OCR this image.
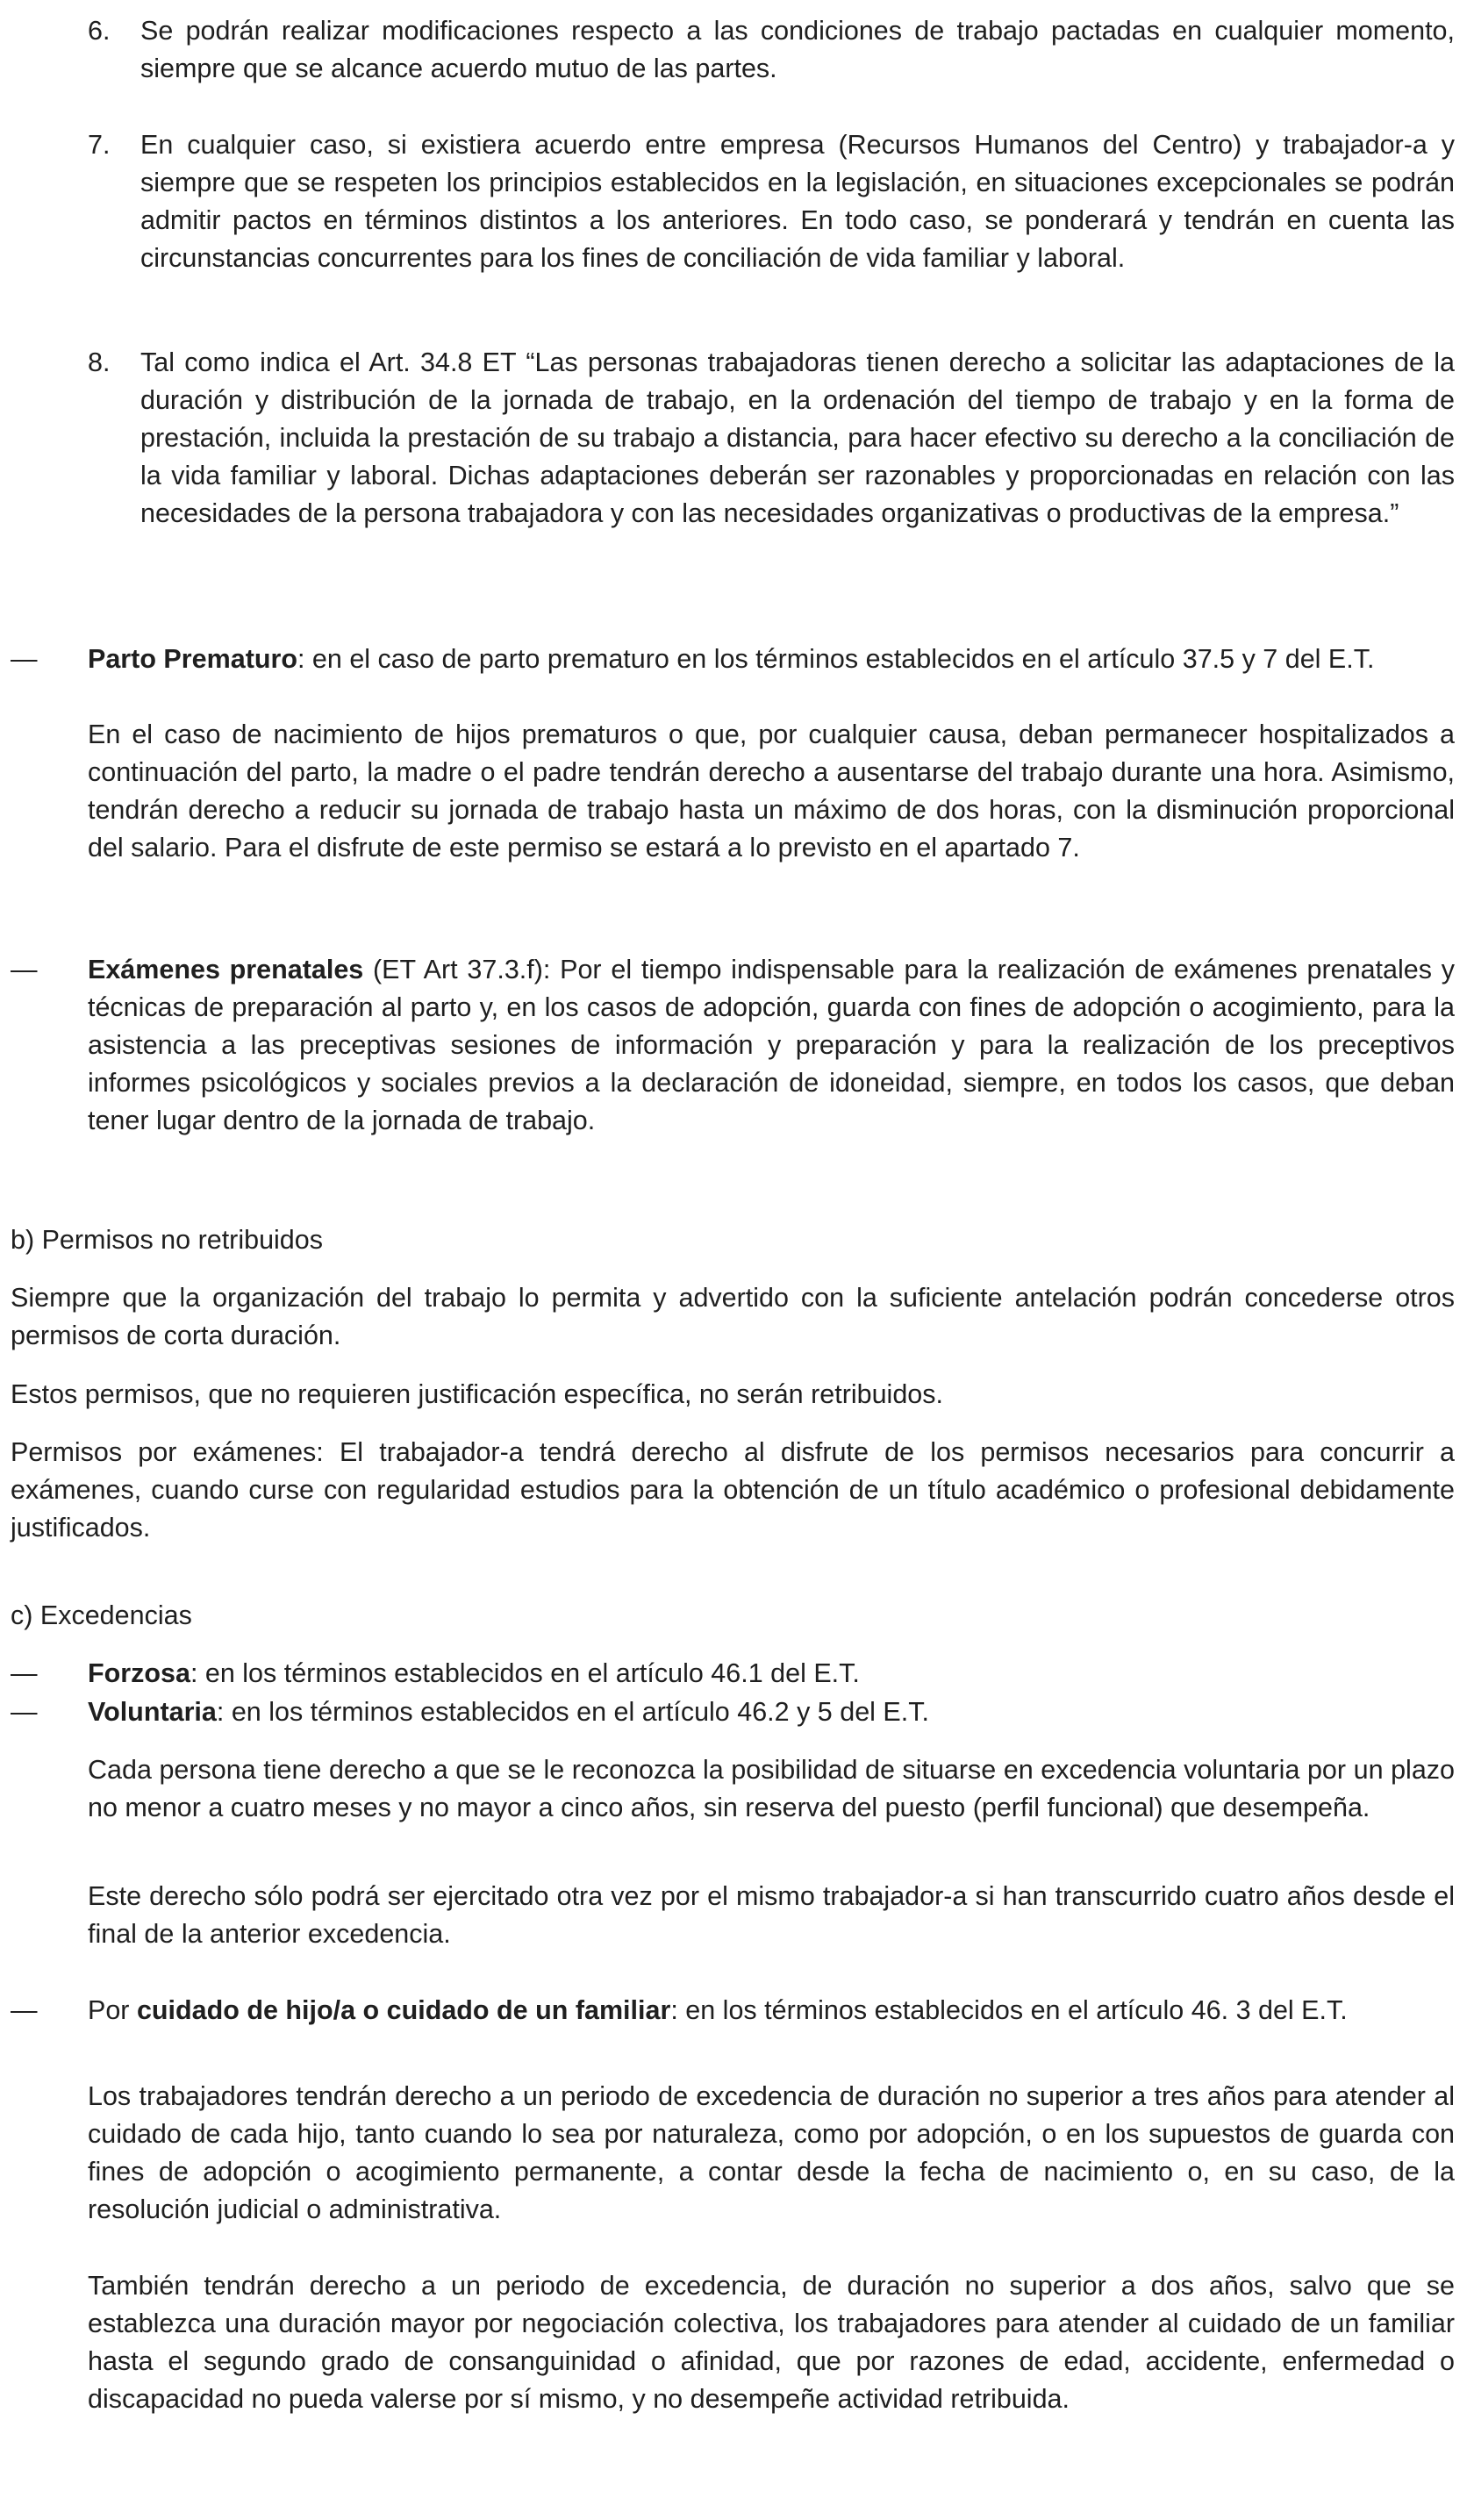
6. Se podrán realizar modificaciones respecto a las condiciones de trabajo pactadas en cualquier momento, siempre que se alcance acuerdo mutuo de las partes.

7. En cualquier caso, si existiera acuerdo entre empresa (Recursos Humanos del Centro) y trabajador-a y siempre que se respeten los principios establecidos en la legislación, en situaciones excepcionales se podrán admitir pactos en términos distintos a los anteriores. En todo caso, se ponderará y tendrán en cuenta las circunstancias concurrentes para los fines de conciliación de vida familiar y laboral.

8. Tal como indica el Art. 34.8 ET “Las personas trabajadoras tienen derecho a solicitar las adaptaciones de la duración y distribución de la jornada de trabajo, en la ordenación del tiempo de trabajo y en la forma de prestación, incluida la prestación de su trabajo a distancia, para hacer efectivo su derecho a la conciliación de la vida familiar y laboral. Dichas adaptaciones deberán ser razonables y proporcionadas en relación con las necesidades de la persona trabajadora y con las necesidades organizativas o productivas de la empresa.”

—	Parto Prematuro: en el caso de parto prematuro en los términos establecidos en el artículo 37.5 y 7 del E.T.

En el caso de nacimiento de hijos prematuros o que, por cualquier causa, deban permanecer hospitalizados a continuación del parto, la madre o el padre tendrán derecho a ausentarse del trabajo durante una hora. Asimismo, tendrán derecho a reducir su jornada de trabajo hasta un máximo de dos horas, con la disminución proporcional del salario. Para el disfrute de este permiso se estará a lo previsto en el apartado 7.

—	Exámenes prenatales (ET Art 37.3.f): Por el tiempo indispensable para la realización de exámenes prenatales y técnicas de preparación al parto y, en los casos de adopción, guarda con fines de adopción o acogimiento, para la asistencia a las preceptivas sesiones de información y preparación y para la realización de los preceptivos informes psicológicos y sociales previos a la declaración de idoneidad, siempre, en todos los casos, que deban tener lugar dentro de la jornada de trabajo.

b) Permisos no retribuidos

Siempre que la organización del trabajo lo permita y advertido con la suficiente antelación podrán concederse otros permisos de corta duración.

Estos permisos, que no requieren justificación específica, no serán retribuidos.

Permisos por exámenes: El trabajador-a tendrá derecho al disfrute de los permisos necesarios para concurrir a exámenes, cuando curse con regularidad estudios para la obtención de un título académico o profesional debidamente justificados.

c) Excedencias

—	Forzosa: en los términos establecidos en el artículo 46.1 del E.T.

—	Voluntaria: en los términos establecidos en el artículo 46.2 y 5 del E.T.

Cada persona tiene derecho a que se le reconozca la posibilidad de situarse en excedencia voluntaria por un plazo no menor a cuatro meses y no mayor a cinco años, sin reserva del puesto (perfil funcional) que desempeña.

Este derecho sólo podrá ser ejercitado otra vez por el mismo trabajador-a si han transcurrido cuatro años desde el final de la anterior excedencia.

—	Por cuidado de hijo/a o cuidado de un familiar: en los términos establecidos en el artículo 46. 3 del E.T.

Los trabajadores tendrán derecho a un periodo de excedencia de duración no superior a tres años para atender al cuidado de cada hijo, tanto cuando lo sea por naturaleza, como por adopción, o en los supuestos de guarda con fines de adopción o acogimiento permanente, a contar desde la fecha de nacimiento o, en su caso, de la resolución judicial o administrativa.

También tendrán derecho a un periodo de excedencia, de duración no superior a dos años, salvo que se establezca una duración mayor por negociación colectiva, los trabajadores para atender al cuidado de un familiar hasta el segundo grado de consanguinidad o afinidad, que por razones de edad, accidente, enfermedad o discapacidad no pueda valerse por sí mismo, y no desempeñe actividad retribuida.
